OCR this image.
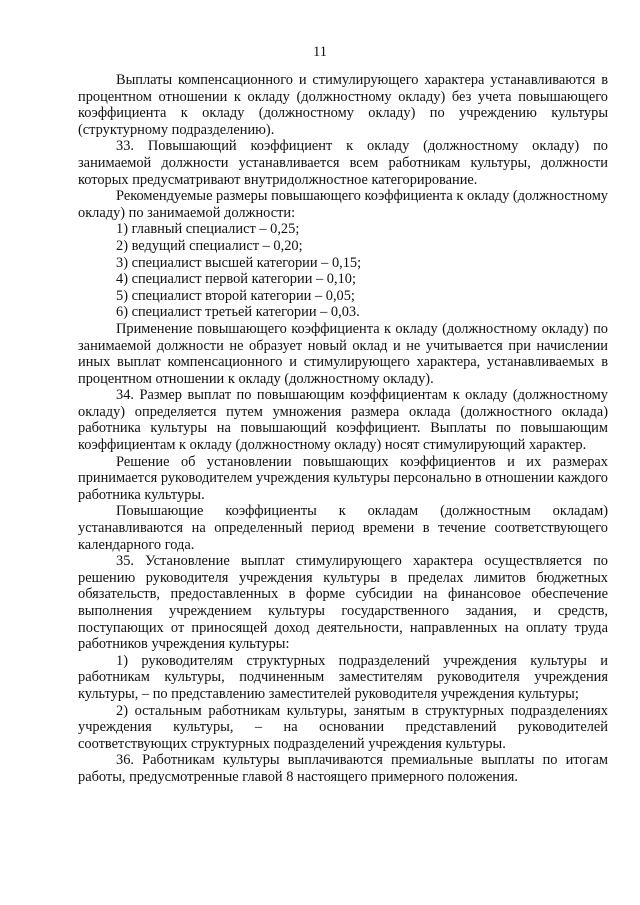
11

Выплаты компенсационного и стимулирующего характера устанавливаются в процентном отношении к окладу (должностному окладу) без учета повышающего коэффициента к окладу (должностному окладу) по учреждению культуры (структурному подразделению).

33. Повышающий коэффициент к окладу (должностному окладу) по занимаемой должности устанавливается всем работникам культуры, должности которых предусматривают внутридолжностное категорирование.

Рекомендуемые размеры повышающего коэффициента к окладу (должностному окладу) по занимаемой должности:

1) главный специалист – 0,25;

2) ведущий специалист – 0,20;

3) специалист высшей категории – 0,15;

4) специалист первой категории – 0,10;

5) специалист второй категории – 0,05;

6) специалист третьей категории – 0,03.

Применение повышающего коэффициента к окладу (должностному окладу) по занимаемой должности не образует новый оклад и не учитывается при начислении иных выплат компенсационного и стимулирующего характера, устанавливаемых в процентном отношении к окладу (должностному окладу).

34. Размер выплат по повышающим коэффициентам к окладу (должностному окладу) определяется путем умножения размера оклада (должностного оклада) работника культуры на повышающий коэффициент. Выплаты по повышающим коэффициентам к окладу (должностному окладу) носят стимулирующий характер.

Решение об установлении повышающих коэффициентов и их размерах принимается руководителем учреждения культуры персонально в отношении каждого работника культуры.

Повышающие коэффициенты к окладам (должностным окладам) устанавливаются на определенный период времени в течение соответствующего календарного года.

35. Установление выплат стимулирующего характера осуществляется по решению руководителя учреждения культуры в пределах лимитов бюджетных обязательств, предоставленных в форме субсидии на финансовое обеспечение выполнения учреждением культуры государственного задания, и средств, поступающих от приносящей доход деятельности, направленных на оплату труда работников учреждения культуры:

1) руководителям структурных подразделений учреждения культуры и работникам культуры, подчиненным заместителям руководителя учреждения культуры, – по представлению заместителей руководителя учреждения культуры;

2) остальным работникам культуры, занятым в структурных подразделениях учреждения культуры, – на основании представлений руководителей соответствующих структурных подразделений учреждения культуры.

36. Работникам культуры выплачиваются премиальные выплаты по итогам работы, предусмотренные главой 8 настоящего примерного положения.
